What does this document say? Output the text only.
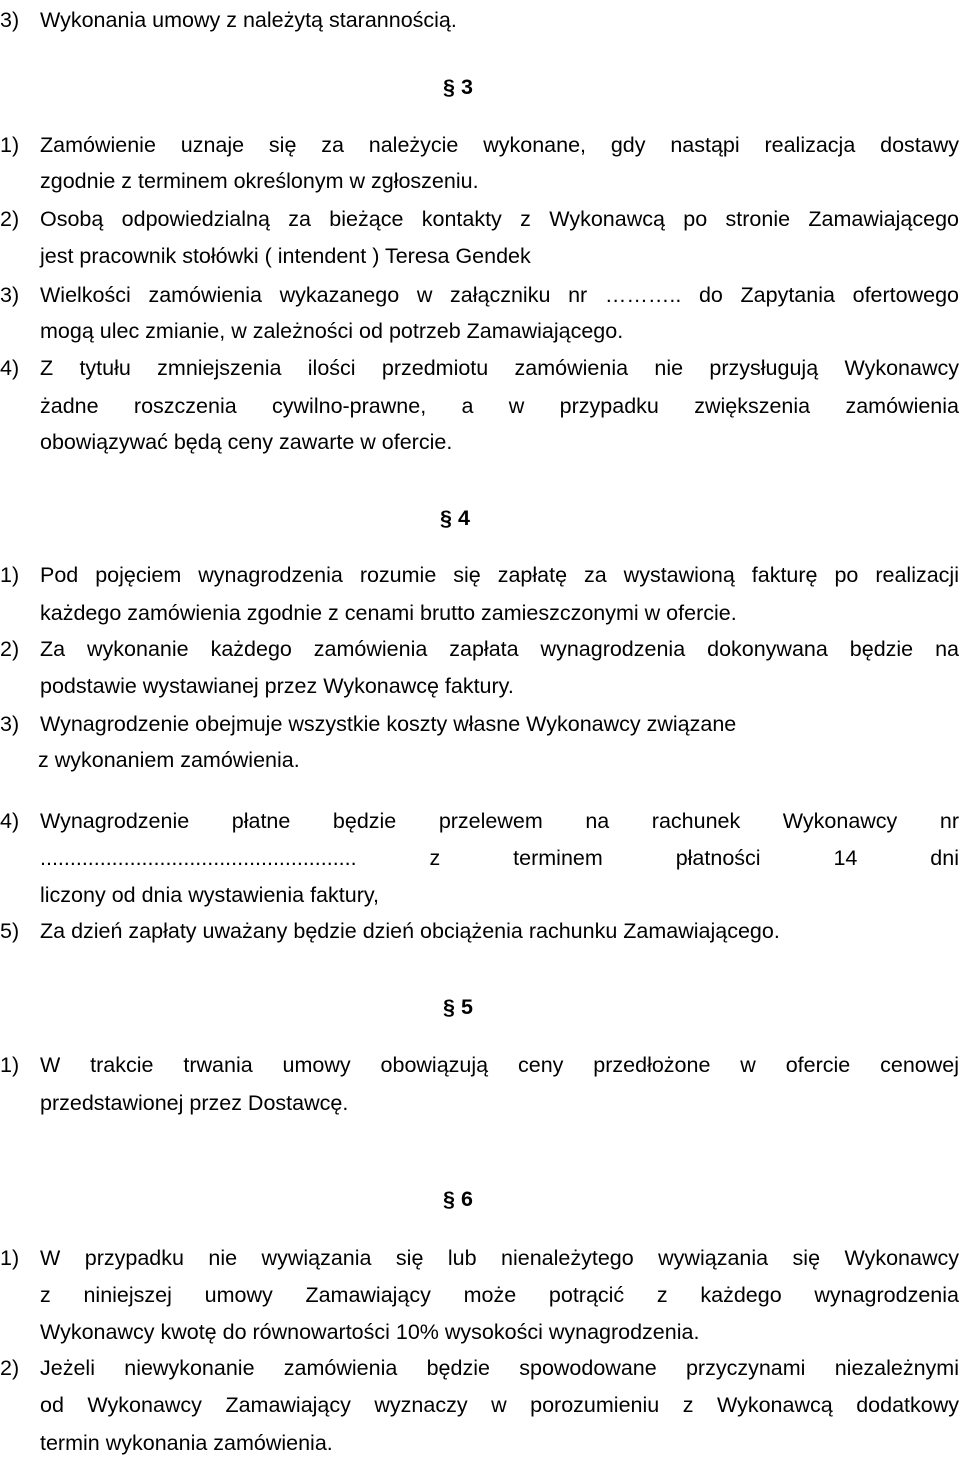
3) Wykonania umowy z należytą starannością.
§ 3
1) Zamówienie uznaje się za należycie wykonane, gdy nastąpi realizacja dostawy
zgodnie z terminem określonym w zgłoszeniu.
2) Osobą odpowiedzialną za bieżące kontakty z Wykonawcą po stronie Zamawiającego
jest pracownik stołówki ( intendent ) Teresa Gendek
3) Wielkości zamówienia wykazanego w załączniku nr ……….. do Zapytania ofertowego
mogą ulec zmianie, w zależności od potrzeb Zamawiającego.
4) Z tytułu zmniejszenia ilości przedmiotu zamówienia nie przysługują Wykonawcy
żadne roszczenia cywilno-prawne, a w przypadku zwiększenia zamówienia
obowiązywać będą ceny zawarte w ofercie.
§ 4
1) Pod pojęciem wynagrodzenia rozumie się zapłatę za wystawioną fakturę po realizacji
każdego zamówienia zgodnie z cenami brutto zamieszczonymi w ofercie.
2) Za wykonanie każdego zamówienia zapłata wynagrodzenia dokonywana będzie na
podstawie wystawianej przez Wykonawcę faktury.
3) Wynagrodzenie obejmuje wszystkie koszty własne Wykonawcy związane
z wykonaniem zamówienia.
4) Wynagrodzenie płatne będzie przelewem na rachunek Wykonawcy nr
..................................................... z terminem płatności 14 dni
liczony od dnia wystawienia faktury,
5) Za dzień zapłaty uważany będzie dzień obciążenia rachunku Zamawiającego.
§ 5
1) W trakcie trwania umowy obowiązują ceny przedłożone w ofercie cenowej
przedstawionej przez Dostawcę.
§ 6
1) W przypadku nie wywiązania się lub nienależytego wywiązania się Wykonawcy
z niniejszej umowy Zamawiający może potrącić z każdego wynagrodzenia
Wykonawcy kwotę do równowartości 10% wysokości wynagrodzenia.
2) Jeżeli niewykonanie zamówienia będzie spowodowane przyczynami niezależnymi
od Wykonawcy Zamawiający wyznaczy w porozumieniu z Wykonawcą dodatkowy
termin wykonania zamówienia.
